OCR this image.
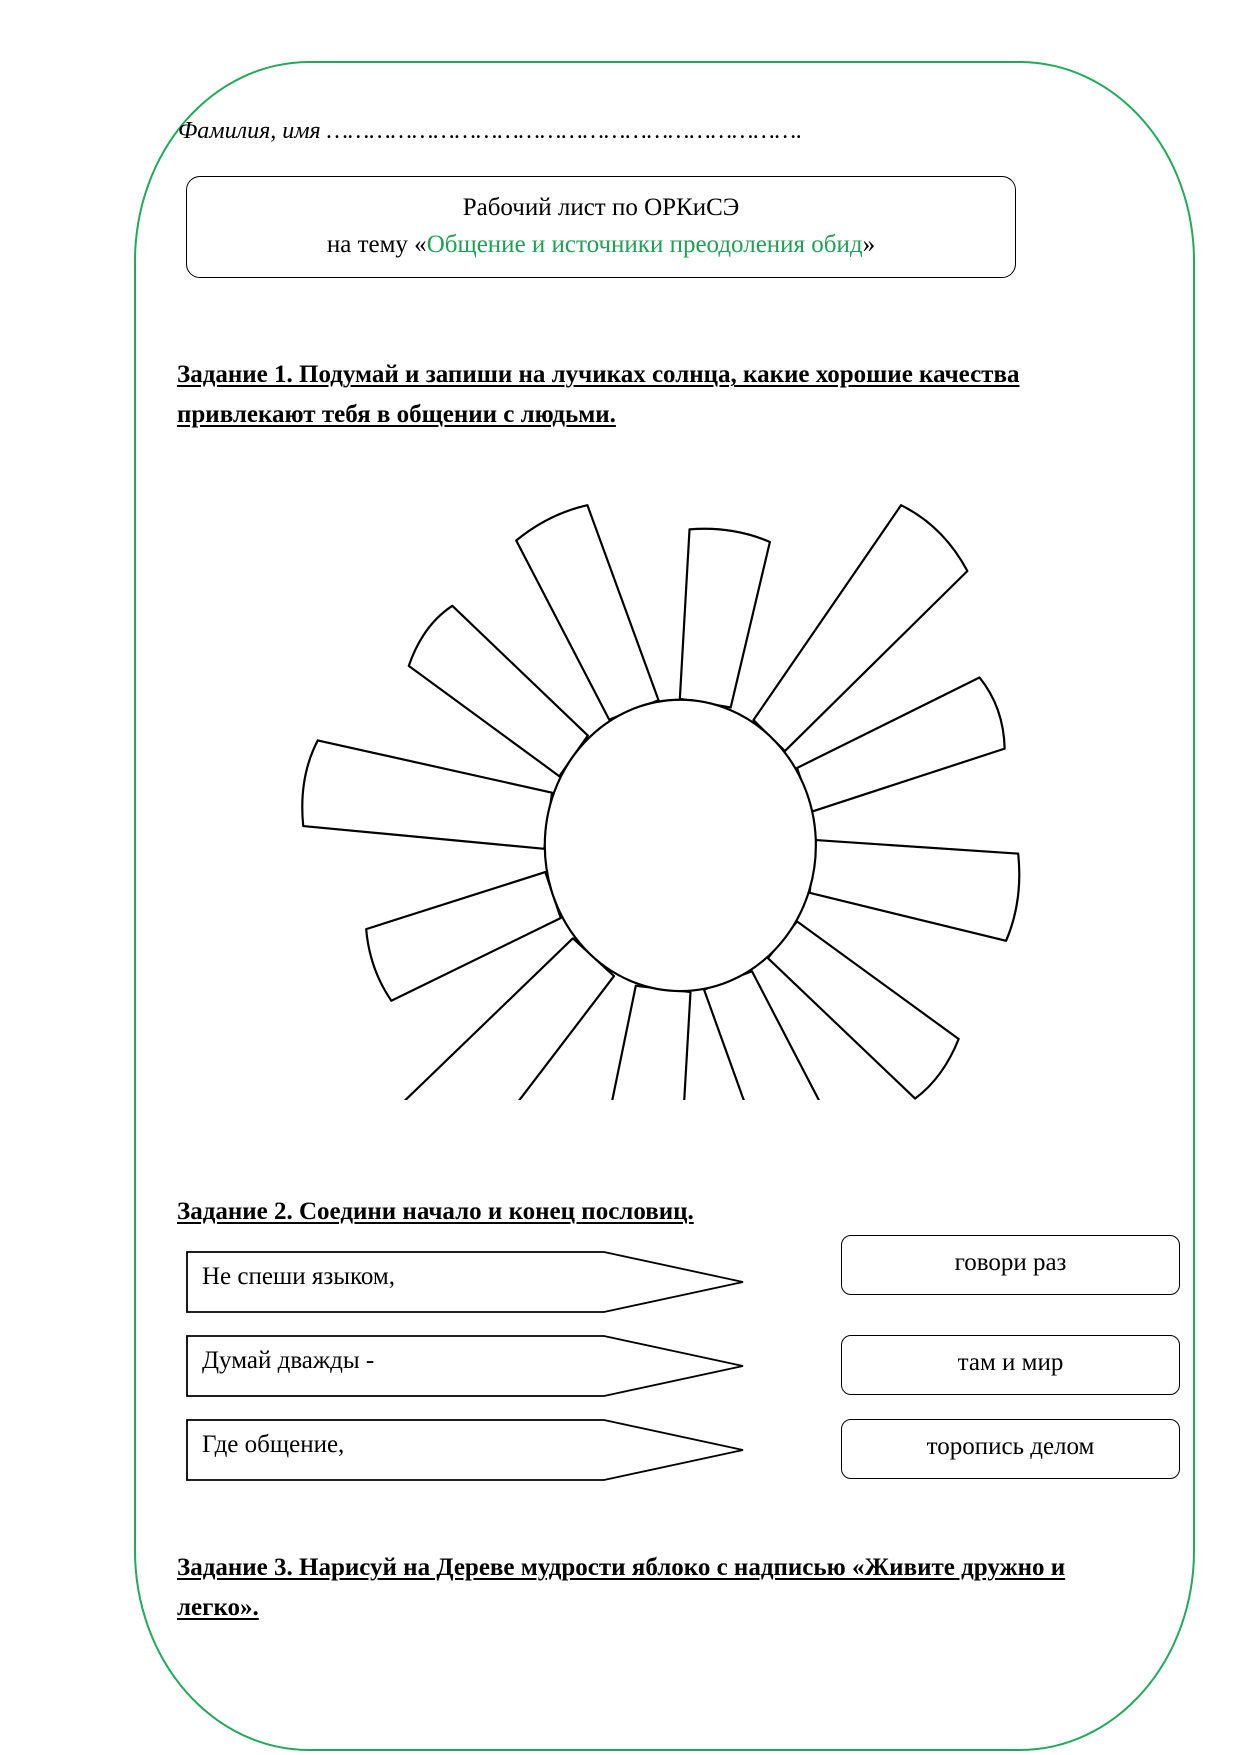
Фамилия, имя ………………………………………………………….
Рабочий лист по ОРКиСЭ
на тему «Общение и источники преодоления обид»
Задание 1. Подумай и запиши на лучиках солнца, какие хорошие качества привлекают тебя в общении с людьми.
Задание 2. Соедини начало и конец пословиц.
Не спеши языком,
Думай дважды -
Где общение,
говори раз
там и мир
торопись делом
Задание 3. Нарисуй на Дереве мудрости яблоко с надписью «Живите дружно и легко».
